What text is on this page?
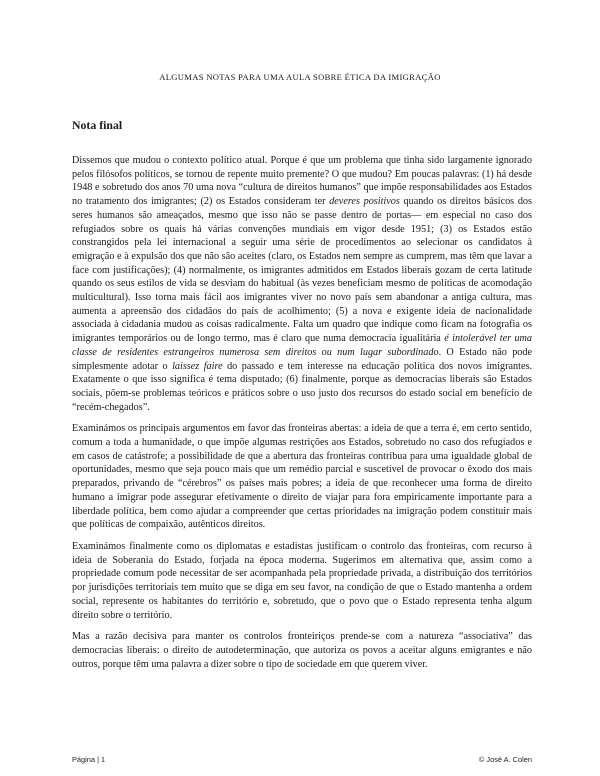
ALGUMAS NOTAS PARA UMA AULA SOBRE ÉTICA DA IMIGRAÇÃO
Nota final

Dissemos que mudou o contexto político atual. Porque é que um problema que tinha sido largamente ignorado pelos filósofos políticos, se tornou de repente muito premente? O que mudou? Em poucas palavras: (1) há desde 1948 e sobretudo dos anos 70 uma nova “cultura de direitos humanos” que impõe responsabilidades aos Estados no tratamento dos imigrantes; (2) os Estados consideram ter deveres positivos quando os direitos básicos dos seres humanos são ameaçados, mesmo que isso não se passe dentro de portas— em especial no caso dos refugiados sobre os quais há várias convenções mundiais em vigor desde 1951; (3) os Estados estão constrangidos pela lei internacional a seguir uma série de procedimentos ao selecionar os candidatos à emigração e à expulsão dos que não são aceites (claro, os Estados nem sempre as cumprem, mas têm que lavar a face com justificações); (4) normalmente, os imigrantes admitidos em Estados liberais gozam de certa latitude quando os seus estilos de vida se desviam do habitual (às vezes beneficiam mesmo de políticas de acomodação multicultural). Isso torna mais fácil aos imigrantes viver no novo país sem abandonar a antiga cultura, mas aumenta a apreensão dos cidadãos do país de acolhimento; (5) a nova e exigente ideia de nacionalidade associada à cidadania mudou as coisas radicalmente. Falta um quadro que indique como ficam na fotografia os imigrantes temporários ou de longo termo, mas é claro que numa democracia igualitária é intolerável ter uma classe de residentes estrangeiros numerosa sem direitos ou num lugar subordinado. O Estado não pode simplesmente adotar o laissez faire do passado e tem interesse na educação política dos novos imigrantes. Exatamente o que isso significa é tema disputado; (6) finalmente, porque as democracias liberais são Estados sociais, põem-se problemas teóricos e práticos sobre o uso justo dos recursos do estado social em benefício de “recém-chegados”.

Examinámos os principais argumentos em favor das fronteiras abertas: a ideia de que a terra é, em certo sentido, comum a toda a humanidade, o que impõe algumas restrições aos Estados, sobretudo no caso dos refugiados e em casos de catástrofe; a possibilidade de que a abertura das fronteiras contribua para uma igualdade global de oportunidades, mesmo que seja pouco mais que um remédio parcial e suscetível de provocar o êxodo dos mais preparados, privando de “cérebros” os países mais pobres; a ideia de que reconhecer uma forma de direito humano a imigrar pode assegurar efetivamente o direito de viajar para fora empiricamente importante para a liberdade política, bem como ajudar a compreender que certas prioridades na imigração podem constituir mais que políticas de compaixão, autênticos direitos.

Examinámos finalmente como os diplomatas e estadistas justificam o controlo das fronteiras, com recurso à ideia de Soberania do Estado, forjada na época moderna. Sugerimos em alternativa que, assim como a propriedade comum pode necessitar de ser acompanhada pela propriedade privada, a distribuição dos territórios por jurisdições territoriais tem muito que se diga em seu favor, na condição de que o Estado mantenha a ordem social, represente os habitantes do território e, sobretudo, que o povo que o Estado representa tenha algum direito sobre o território.

Mas a razão decisiva para manter os controlos fronteiriços prende-se com a natureza “associativa” das democracias liberais: o direito de autodeterminação, que autoriza os povos a aceitar alguns emigrantes e não outros, porque têm uma palavra a dizer sobre o tipo de sociedade em que querem viver.

Página | 1	© José A. Colen
